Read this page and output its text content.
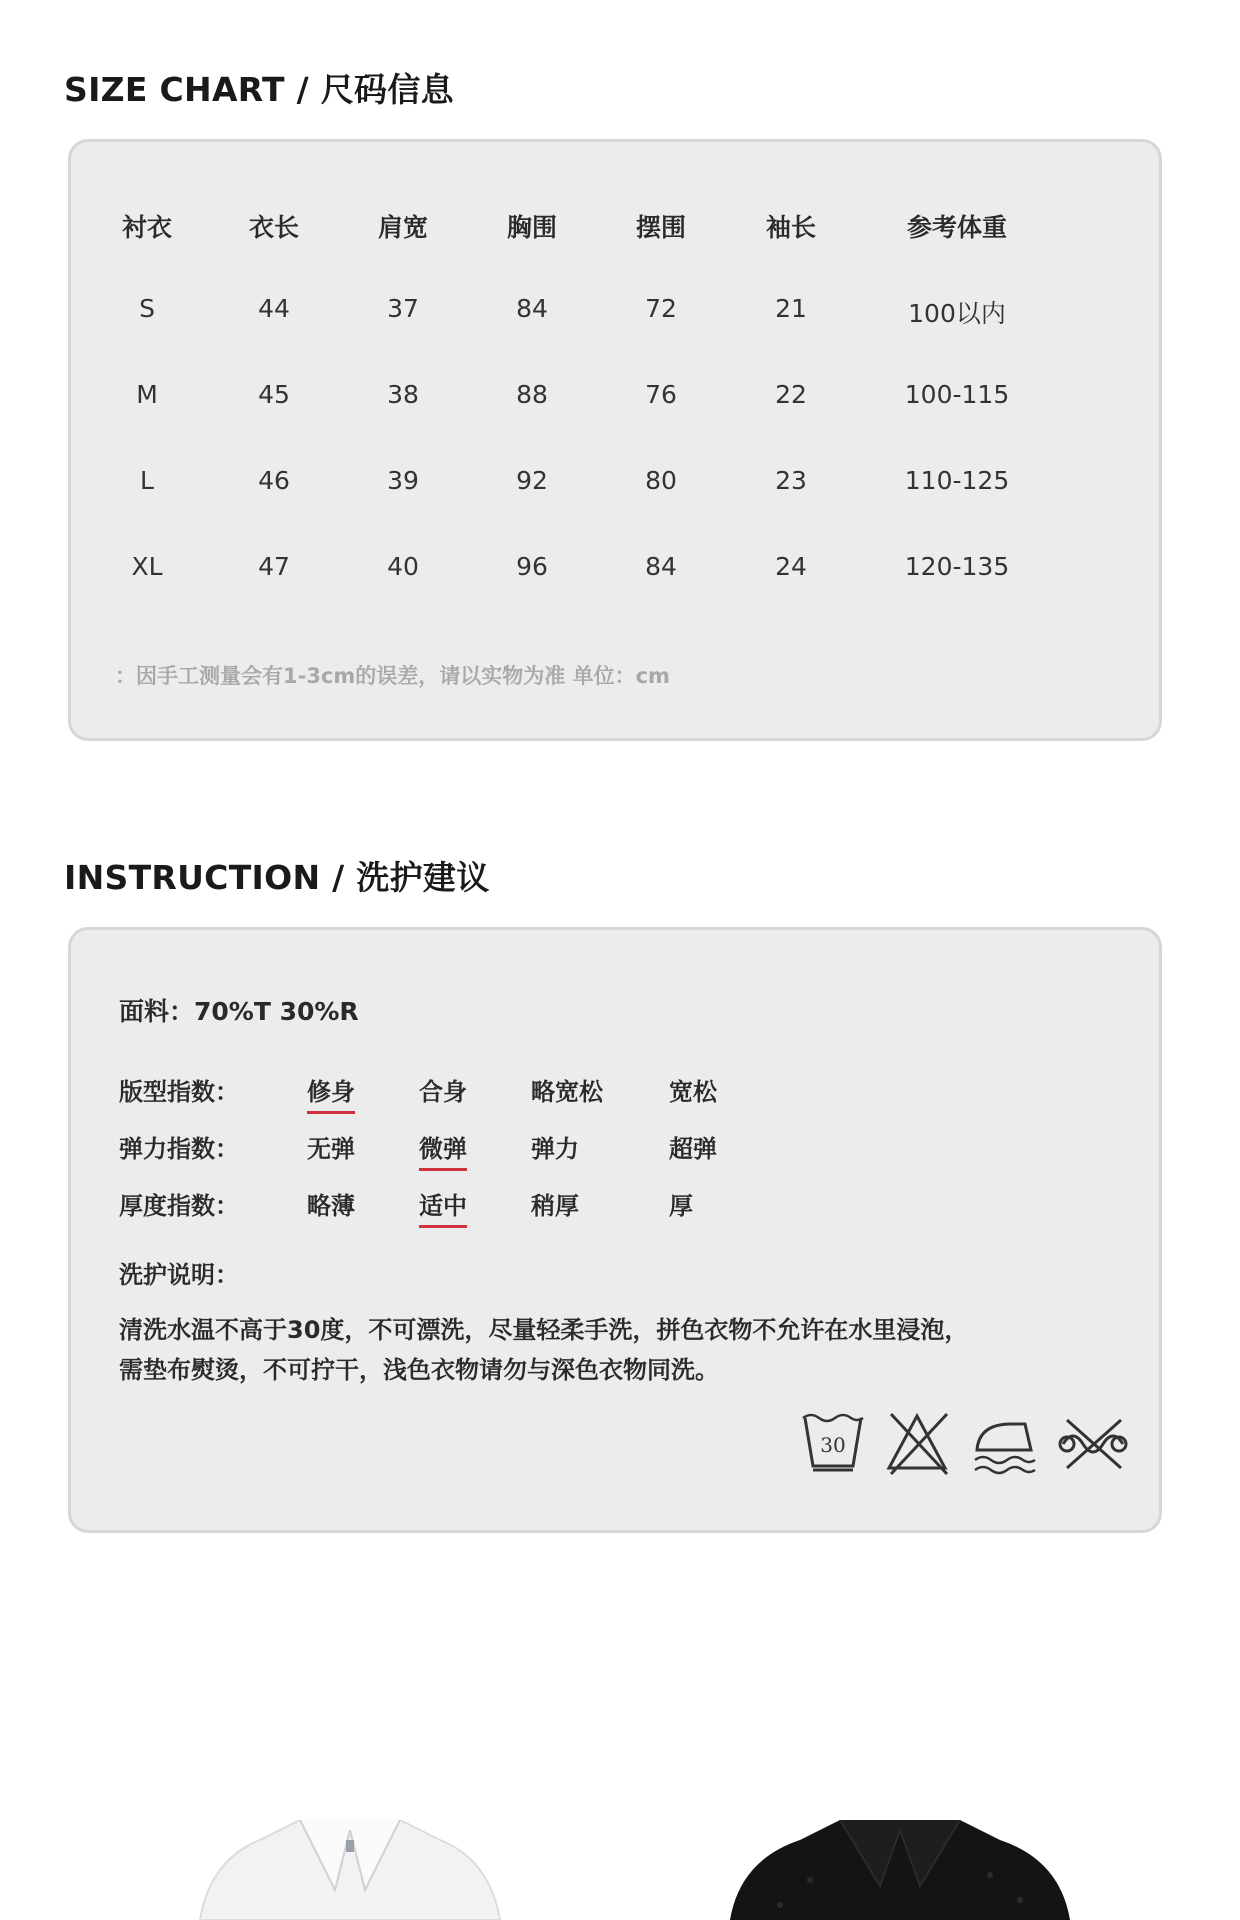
SIZE CHART / 尺码信息
衬衣	衣长	肩宽	胸围	摆围	袖长	参考体重
S	44	37	84	72	21	100以内
M	45	38	88	76	22	100-115
L	46	39	92	80	23	110-125
XL	47	40	96	84	24	120-135
：因手工测量会有1-3cm的误差，请以实物为准 单位：cm
INSTRUCTION / 洗护建议
面料：70%T 30%R
版型指数：	修身	合身	略宽松	宽松
弹力指数：	无弹	微弹	弹力	超弹
厚度指数：	略薄	适中	稍厚	厚
洗护说明：
清洗水温不高于30度，不可漂洗，尽量轻柔手洗，拼色衣物不允许在水里浸泡，
需垫布熨烫，不可拧干，浅色衣物请勿与深色衣物同洗。
30
